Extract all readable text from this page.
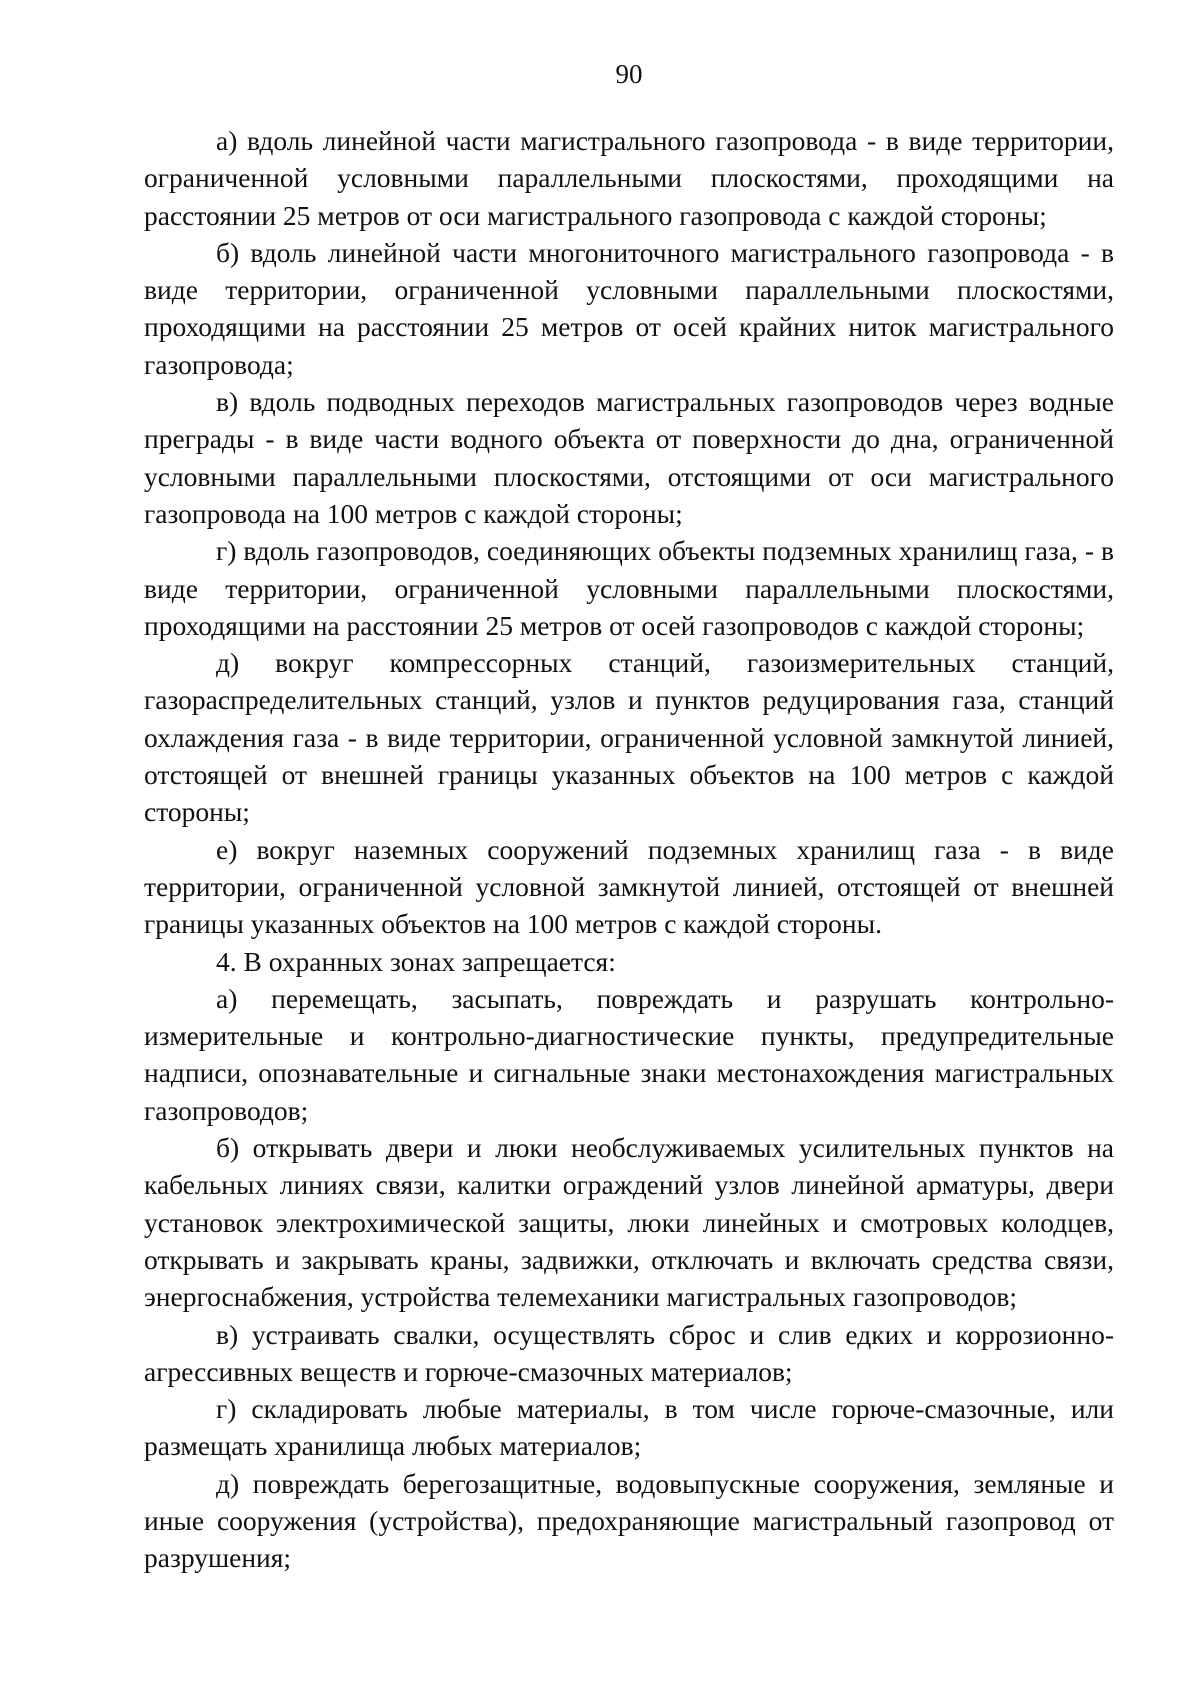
90

а) вдоль линейной части магистрального газопровода - в виде территории, ограниченной условными параллельными плоскостями, проходящими на расстоянии 25 метров от оси магистрального газопровода с каждой стороны;

б) вдоль линейной части многониточного магистрального газопровода - в виде территории, ограниченной условными параллельными плоскостями, проходящими на расстоянии 25 метров от осей крайних ниток магистрального газопровода;

в) вдоль подводных переходов магистральных газопроводов через водные преграды - в виде части водного объекта от поверхности до дна, ограниченной условными параллельными плоскостями, отстоящими от оси магистрального газопровода на 100 метров с каждой стороны;

г) вдоль газопроводов, соединяющих объекты подземных хранилищ газа, - в виде территории, ограниченной условными параллельными плоскостями, проходящими на расстоянии 25 метров от осей газопроводов с каждой стороны;

д) вокруг компрессорных станций, газоизмерительных станций, газораспределительных станций, узлов и пунктов редуцирования газа, станций охлаждения газа - в виде территории, ограниченной условной замкнутой линией, отстоящей от внешней границы указанных объектов на 100 метров с каждой стороны;

е) вокруг наземных сооружений подземных хранилищ газа - в виде территории, ограниченной условной замкнутой линией, отстоящей от внешней границы указанных объектов на 100 метров с каждой стороны.

4. В охранных зонах запрещается:

а) перемещать, засыпать, повреждать и разрушать контрольно-измерительные и контрольно-диагностические пункты, предупредительные надписи, опознавательные и сигнальные знаки местонахождения магистральных газопроводов;

б) открывать двери и люки необслуживаемых усилительных пунктов на кабельных линиях связи, калитки ограждений узлов линейной арматуры, двери установок электрохимической защиты, люки линейных и смотровых колодцев, открывать и закрывать краны, задвижки, отключать и включать средства связи, энергоснабжения, устройства телемеханики магистральных газопроводов;

в) устраивать свалки, осуществлять сброс и слив едких и коррозионно-агрессивных веществ и горюче-смазочных материалов;

г) складировать любые материалы, в том числе горюче-смазочные, или размещать хранилища любых материалов;

д) повреждать берегозащитные, водовыпускные сооружения, земляные и иные сооружения (устройства), предохраняющие магистральный газопровод от разрушения;
